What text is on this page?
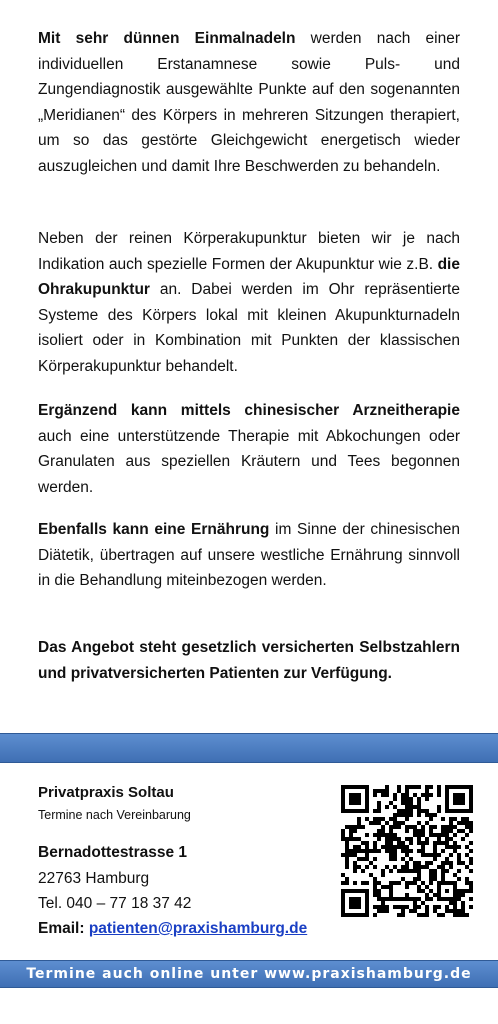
Mit sehr dünnen Einmalnadeln werden nach einer individuellen Erstanamnese sowie Puls- und Zungendiagnostik ausgewählte Punkte auf den sogenannten „Meridianen“ des Körpers in mehreren Sitzungen therapiert, um so das gestörte Gleichgewicht energetisch wieder auszugleichen und damit Ihre Beschwerden zu behandeln.

Neben der reinen Körperakupunktur bieten wir je nach Indikation auch spezielle Formen der Akupunktur wie z.B. die Ohrakupunktur an. Dabei werden im Ohr repräsentierte Systeme des Körpers lokal mit kleinen Akupunkturnadeln isoliert oder in Kombination mit Punkten der klassischen Körperakupunktur behandelt.

Ergänzend kann mittels chinesischer Arzneitherapie auch eine unterstützende Therapie mit Abkochungen oder Granulaten aus speziellen Kräutern und Tees begonnen werden.

Ebenfalls kann eine Ernährung im Sinne der chinesischen Diätetik, übertragen auf unsere westliche Ernährung sinnvoll in die Behandlung miteinbezogen werden.

Das Angebot steht gesetzlich versicherten Selbstzahlern und privatversicherten Patienten zur Verfügung.

Privatpraxis Soltau
Termine nach Vereinbarung
Bernadottestrasse 1
22763 Hamburg
Tel. 040 – 77 18 37 42
Email: patienten@praxishamburg.de
Termine auch online unter www.praxishamburg.de
